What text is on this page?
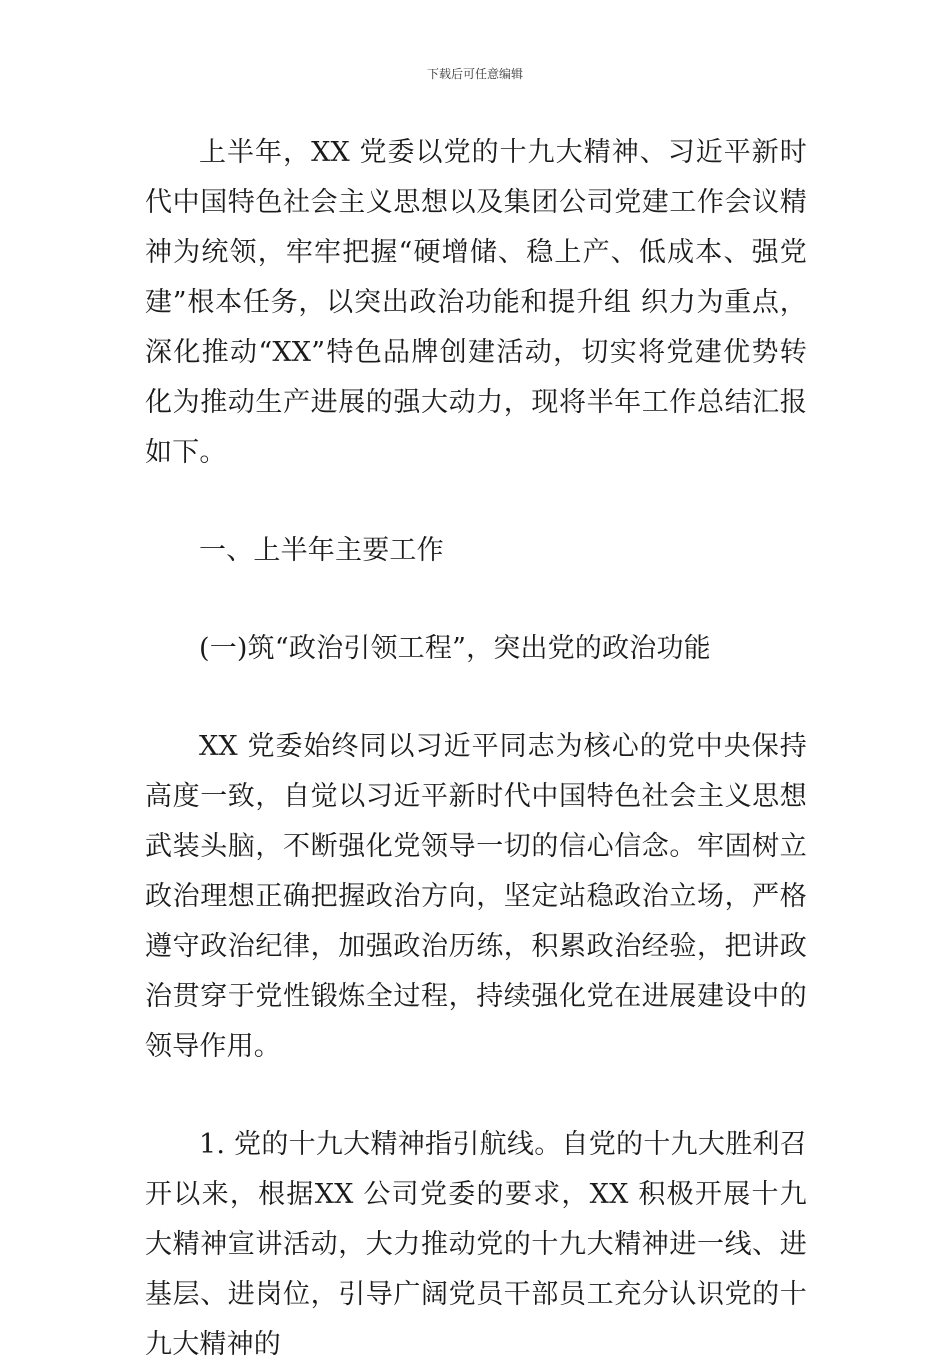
下载后可任意编辑

上半年，XX 党委以党的十九大精神、习近平新时代中国特色社会主义思想以及集团公司党建工作会议精神为统领，牢牢把握“硬增储、稳上产、低成本、强党建”根本任务，以突出政治功能和提升组 织力为重点，深化推动“XX”特色品牌创建活动，切实将党建优势转化为推动生产进展的强大动力，现将半年工作总结汇报如下。

一、上半年主要工作

(一)筑“政治引领工程”，突出党的政治功能

XX 党委始终同以习近平同志为核心的党中央保持高度一致，自觉以习近平新时代中国特色社会主义思想武装头脑，不断强化党领导一切的信心信念。牢固树立政治理想正确把握政治方向，坚定站稳政治立场，严格遵守政治纪律，加强政治历练，积累政治经验，把讲政治贯穿于党性锻炼全过程，持续强化党在进展建设中的领导作用。

1. 党的十九大精神指引航线。自党的十九大胜利召开以来，根据XX 公司党委的要求，XX 积极开展十九大精神宣讲活动，大力推动党的十九大精神进一线、进基层、进岗位，引导广阔党员干部员工充分认识党的十九大精神的
